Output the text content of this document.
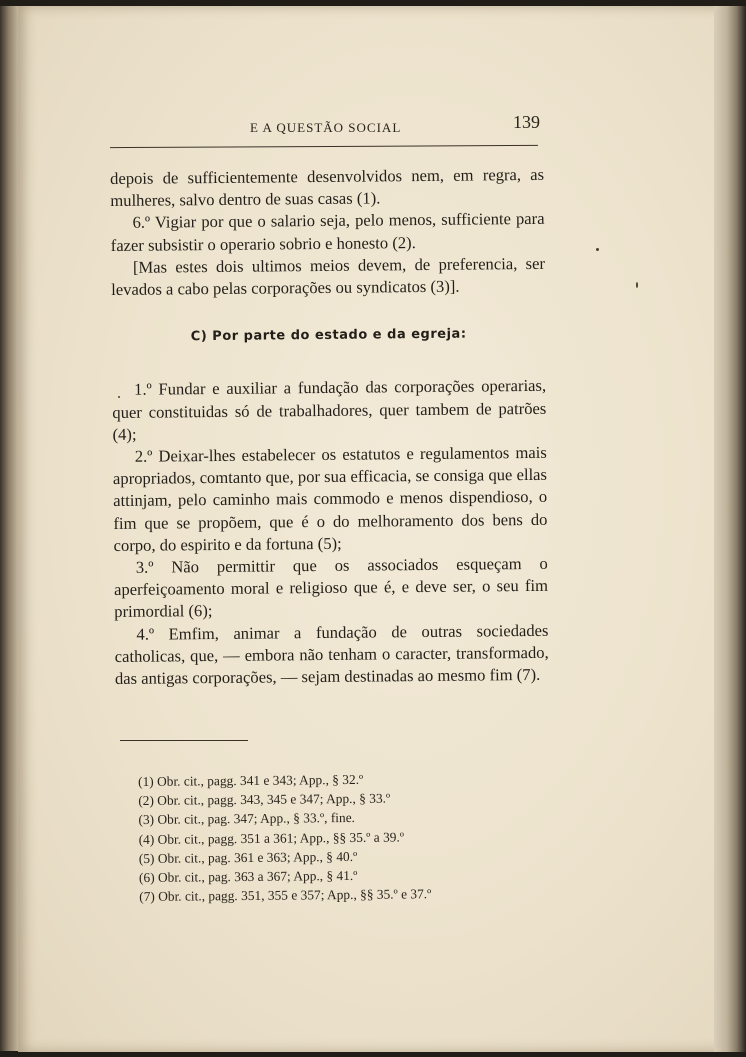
E A QUESTÃO SOCIAL	139

depois de sufficientemente desenvolvidos nem, em regra, as mulheres, salvo dentro de suas casas (1).

6.º Vigiar por que o salario seja, pelo menos, sufficiente para fazer subsistir o operario sobrio e honesto (2).

[Mas estes dois ultimos meios devem, de preferencia, ser levados a cabo pelas corporações ou syndicatos (3)].

C) Por parte do estado e da egreja:

1.º Fundar e auxiliar a fundação das corporações operarias, quer constituidas só de trabalhadores, quer tambem de patrões (4);

2.º Deixar-lhes estabelecer os estatutos e regulamentos mais apropriados, comtanto que, por sua efficacia, se consiga que ellas attinjam, pelo caminho mais commodo e menos dispendioso, o fim que se propõem, que é o do melhoramento dos bens do corpo, do espirito e da fortuna (5);

3.º Não permittir que os associados esqueçam o aperfeiçoamento moral e religioso que é, e deve ser, o seu fim primordial (6);

4.º Emfim, animar a fundação de outras sociedades catholicas, que, — embora não tenham o caracter, transformado, das antigas corporações, — sejam destinadas ao mesmo fim (7).

(1) Obr. cit., pagg. 341 e 343; App., § 32.º

(2) Obr. cit., pagg. 343, 345 e 347; App., § 33.º

(3) Obr. cit., pag. 347; App., § 33.º, fine.

(4) Obr. cit., pagg. 351 a 361; App., §§ 35.º a 39.º

(5) Obr. cit., pag. 361 e 363; App., § 40.º

(6) Obr. cit., pag. 363 a 367; App., § 41.º

(7) Obr. cit., pagg. 351, 355 e 357; App., §§ 35.º e 37.º
